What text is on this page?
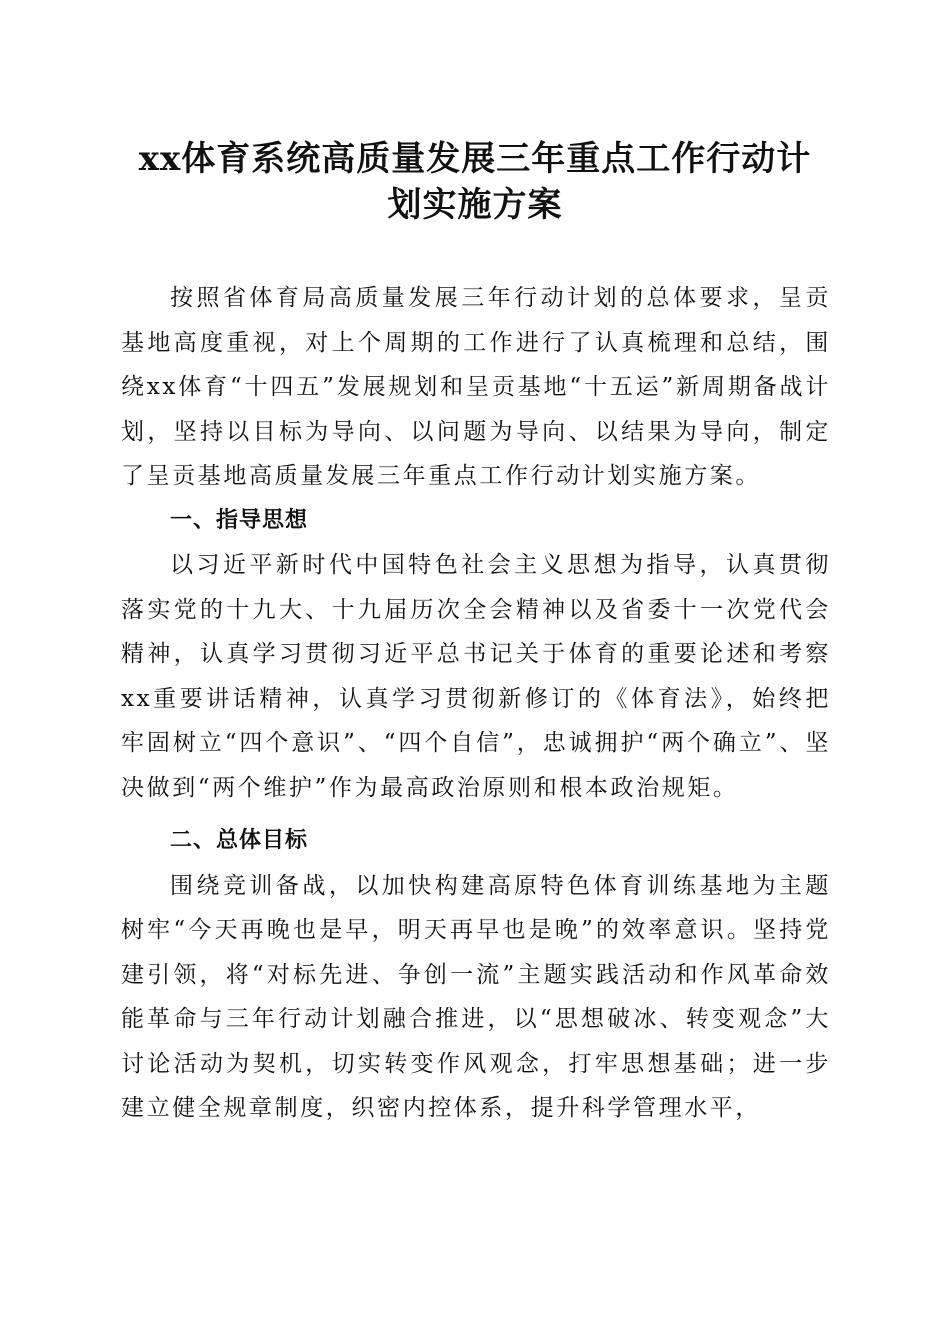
xx体育系统高质量发展三年重点工作行动计
划实施方案

按照省体育局高质量发展三年行动计划的总体要求，呈贡基地高度重视，对上个周期的工作进行了认真梳理和总结，围绕xx体育“十四五”发展规划和呈贡基地“十五运”新周期备战计划，坚持以目标为导向、以问题为导向、以结果为导向，制定了呈贡基地高质量发展三年重点工作行动计划实施方案。

一、指导思想

以习近平新时代中国特色社会主义思想为指导，认真贯彻落实党的十九大、十九届历次全会精神以及省委十一次党代会精神，认真学习贯彻习近平总书记关于体育的重要论述和考察xx重要讲话精神，认真学习贯彻新修订的《体育法》，始终把牢固树立“四个意识”、“四个自信”，忠诚拥护“两个确立”、坚决做到“两个维护”作为最高政治原则和根本政治规矩。

二、总体目标

围绕竞训备战，以加快构建高原特色体育训练基地为主题树牢“今天再晚也是早，明天再早也是晚”的效率意识。坚持党建引领，将“对标先进、争创一流”主题实践活动和作风革命效能革命与三年行动计划融合推进，以“思想破冰、转变观念”大讨论活动为契机，切实转变作风观念，打牢思想基础；进一步建立健全规章制度，织密内控体系，提升科学管理水平，
